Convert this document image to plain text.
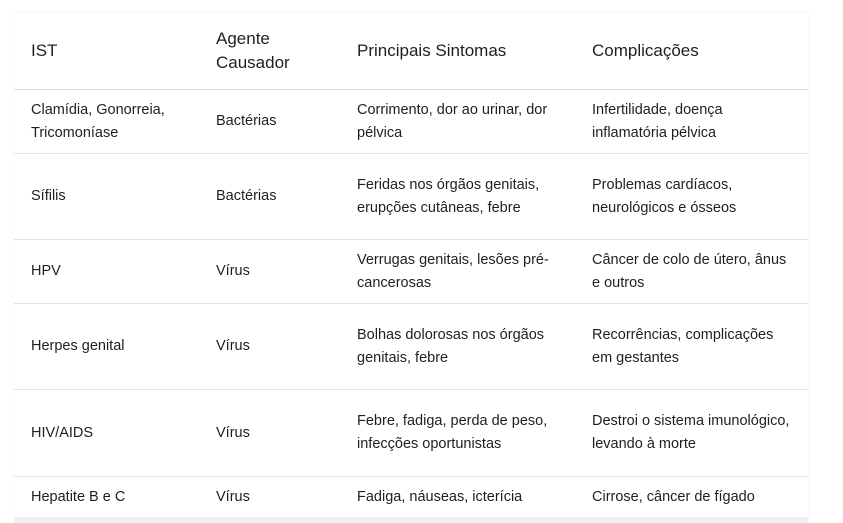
IST	Agente Causador	Principais Sintomas	Complicações
Clamídia, Gonorreia, Tricomoníase	Bactérias	Corrimento, dor ao urinar, dor pélvica	Infertilidade, doença inflamatória pélvica
Sífilis	Bactérias	Feridas nos órgãos genitais, erupções cutâneas, febre	Problemas cardíacos, neurológicos e ósseos
HPV	Vírus	Verrugas genitais, lesões pré-cancerosas	Câncer de colo de útero, ânus e outros
Herpes genital	Vírus	Bolhas dolorosas nos órgãos genitais, febre	Recorrências, complicações em gestantes
HIV/AIDS	Vírus	Febre, fadiga, perda de peso, infecções oportunistas	Destroi o sistema imunológico, levando à morte
Hepatite B e C	Vírus	Fadiga, náuseas, icterícia	Cirrose, câncer de fígado
